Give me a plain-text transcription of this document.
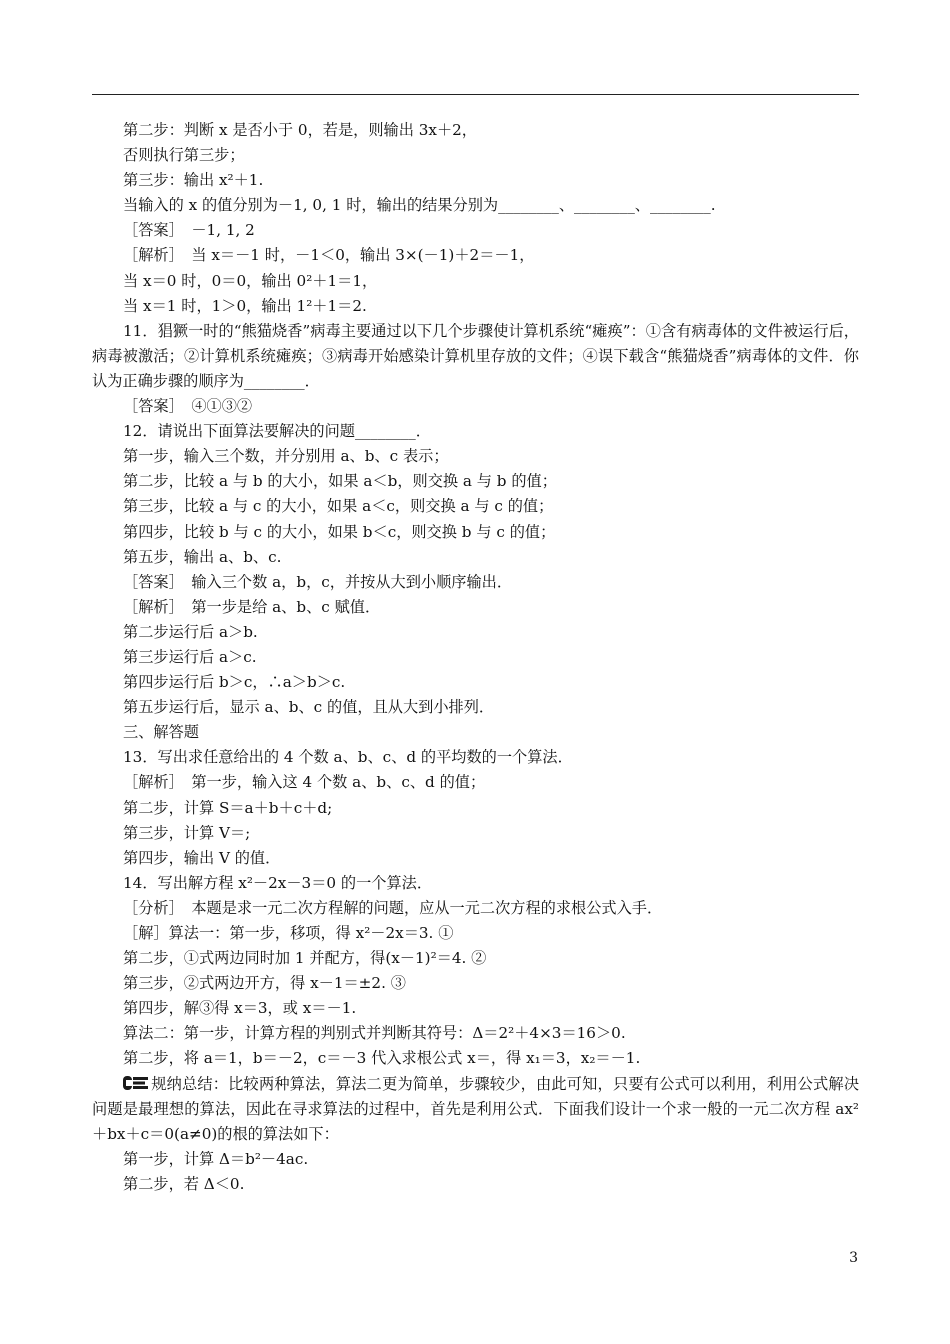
第二步：判断 x 是否小于 0，若是，则输出 3x＋2，
否则执行第三步；
第三步：输出 x²＋1.
当输入的 x 的值分别为－1, 0, 1 时，输出的结果分别为________、________、________.
［答案］　－1, 1, 2
［解析］　当 x＝－1 时，－1＜0，输出 3×(－1)＋2＝－1，
当 x＝0 时，0＝0，输出 0²＋1＝1，
当 x＝1 时，1＞0，输出 1²＋1＝2.
11．猖獗一时的“熊猫烧香”病毒主要通过以下几个步骤使计算机系统“瘫痪”：①含有病毒体的文件被运行后，病毒被激活；②计算机系统瘫痪；③病毒开始感染计算机里存放的文件；④误下载含“熊猫烧香”病毒体的文件．你认为正确步骤的顺序为________．
［答案］　④①③②
12．请说出下面算法要解决的问题________．
第一步，输入三个数，并分别用 a、b、c 表示；
第二步，比较 a 与 b 的大小，如果 a＜b，则交换 a 与 b 的值；
第三步，比较 a 与 c 的大小，如果 a＜c，则交换 a 与 c 的值；
第四步，比较 b 与 c 的大小，如果 b＜c，则交换 b 与 c 的值；
第五步，输出 a、b、c.
［答案］　输入三个数 a，b，c，并按从大到小顺序输出．
［解析］　第一步是给 a、b、c 赋值．
第二步运行后 a＞b.
第三步运行后 a＞c.
第四步运行后 b＞c，∴a＞b＞c.
第五步运行后，显示 a、b、c 的值，且从大到小排列．
三、解答题
13．写出求任意给出的 4 个数 a、b、c、d 的平均数的一个算法．
［解析］　第一步，输入这 4 个数 a、b、c、d 的值；
第二步，计算 S＝a＋b＋c＋d;
第三步，计算 V＝;
第四步，输出 V 的值．
14．写出解方程 x²－2x－3＝0 的一个算法．
［分析］　本题是求一元二次方程解的问题，应从一元二次方程的求根公式入手．
［解］算法一：第一步，移项，得 x²－2x＝3. ①
第二步，①式两边同时加 1 并配方，得(x－1)²＝4. ②
第三步，②式两边开方，得 x－1＝±2. ③
第四步，解③得 x＝3，或 x＝－1.
算法二：第一步，计算方程的判别式并判断其符号：Δ＝2²＋4×3＝16＞0.
第二步，将 a＝1，b＝－2，c＝－3 代入求根公式 x＝，得 x₁＝3，x₂＝－1.
规纳总结：比较两种算法，算法二更为简单，步骤较少，由此可知，只要有公式可以利用，利用公式解决问题是最理想的算法，因此在寻求算法的过程中，首先是利用公式．下面我们设计一个求一般的一元二次方程 ax²＋bx＋c＝0(a≠0)的根的算法如下：
第一步，计算 Δ＝b²－4ac.
第二步，若 Δ＜0.
3
